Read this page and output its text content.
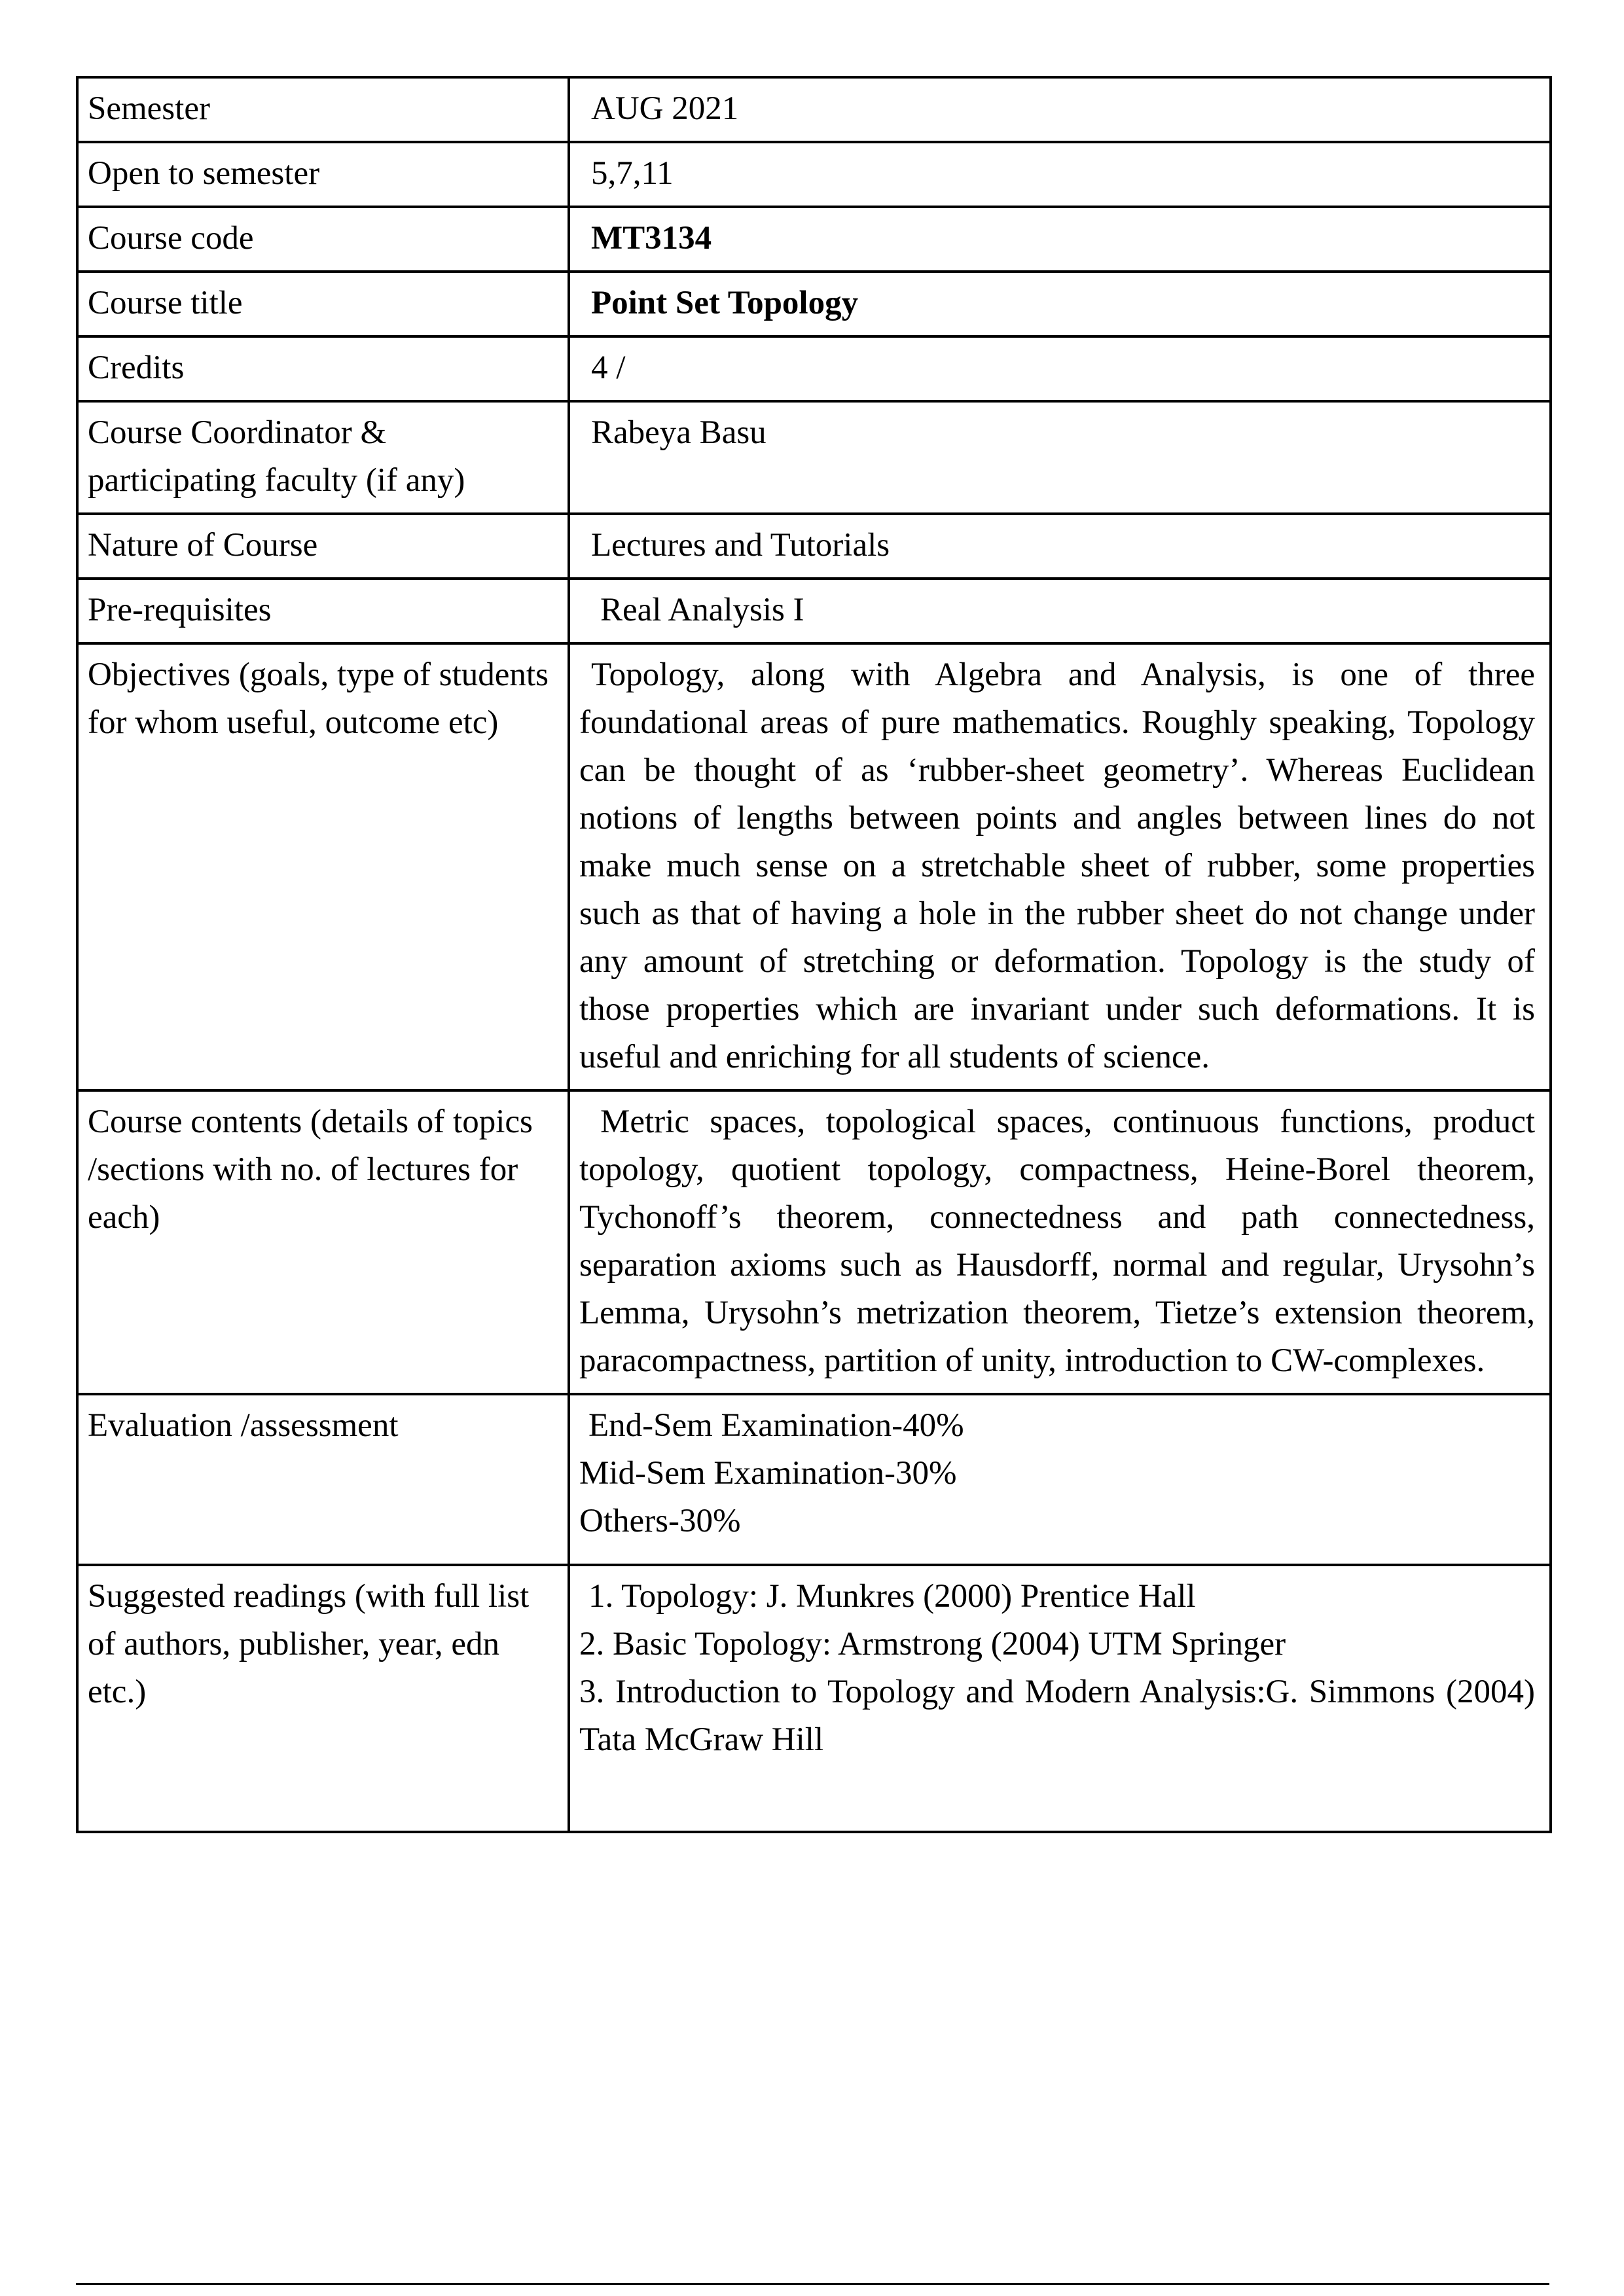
Semester	AUG 2021
Open to semester	5,7,11
Course code	MT3134
Course title	Point Set Topology
Credits	4 /
Course Coordinator & participating faculty (if any)	Rabeya Basu
Nature of Course	Lectures and Tutorials
Pre-requisites	Real Analysis I
Objectives (goals, type of students for whom useful, outcome etc)	Topology, along with Algebra and Analysis, is one of three foundational areas of pure mathematics. Roughly speaking, Topology can be thought of as ‘rubber-sheet geometry’. Whereas Euclidean notions of lengths between points and angles between lines do not make much sense on a stretchable sheet of rubber, some properties such as that of having a hole in the rubber sheet do not change under any amount of stretching or deformation. Topology is the study of those properties which are invariant under such deformations. It is useful and enriching for all students of science.
Course contents (details of topics /sections with no. of lectures for each)	Metric spaces, topological spaces, continuous functions, product topology, quotient topology, compactness, Heine-Borel theorem, Tychonoff’s theorem, connectedness and path connectedness, separation axioms such as Hausdorff, normal and regular, Urysohn’s Lemma, Urysohn’s metrization theorem, Tietze’s extension theorem, paracompactness, partition of unity, introduction to CW-complexes.
Evaluation /assessment	End-Sem Examination-40%
Mid-Sem Examination-30%
Others-30%

Suggested readings (with full list of authors, publisher, year, edn etc.)	1. Topology: J. Munkres (2000) Prentice Hall
2. Basic Topology: Armstrong (2004) UTM Springer
3. Introduction to Topology and Modern Analysis:G. Simmons (2004) Tata McGraw Hill
